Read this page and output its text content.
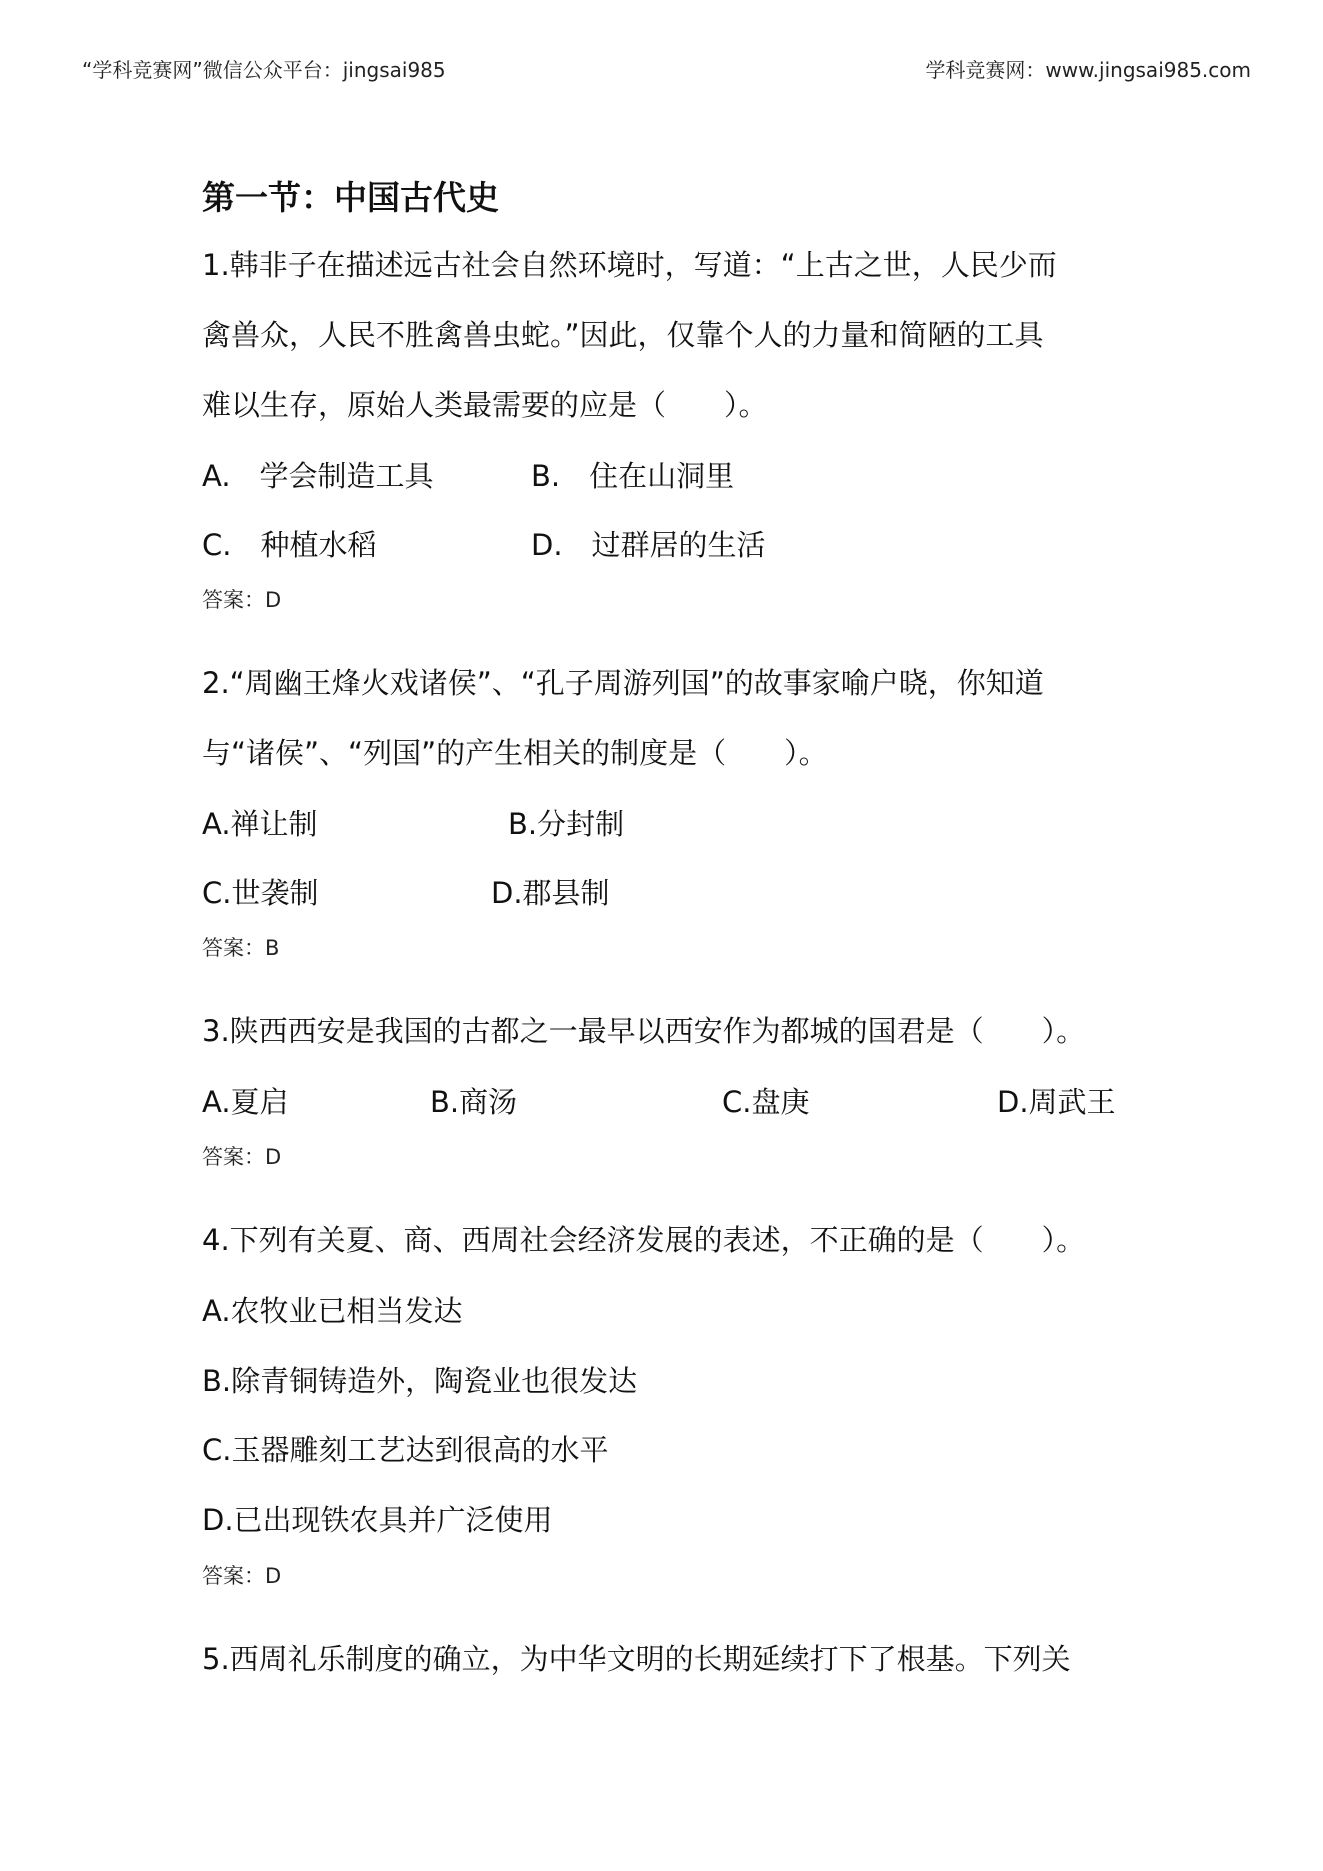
“学科竞赛网”微信公众平台：jingsai985	学科竞赛网：www.jingsai985.com
第一节：中国古代史
1.韩非子在描述远古社会自然环境时，写道：“上古之世，人民少而
禽兽众，人民不胜禽兽虫蛇。”因此，仅靠个人的力量和简陋的工具
难以生存，原始人类最需要的应是（　　）。
A.　学会制造工具	B.　住在山洞里
C.　种植水稻	D.　过群居的生活
答案：D
2.“周幽王烽火戏诸侯”、“孔子周游列国”的故事家喻户晓，你知道
与“诸侯”、“列国”的产生相关的制度是（　　）。
A.禅让制	B.分封制
C.世袭制	D.郡县制
答案：B
3.陕西西安是我国的古都之一最早以西安作为都城的国君是（　　）。
A.夏启	B.商汤	C.盘庚	D.周武王
答案：D
4.下列有关夏、商、西周社会经济发展的表述，不正确的是（　　）。
A.农牧业已相当发达
B.除青铜铸造外，陶瓷业也很发达
C.玉器雕刻工艺达到很高的水平
D.已出现铁农具并广泛使用
答案：D
5.西周礼乐制度的确立，为中华文明的长期延续打下了根基。下列关
